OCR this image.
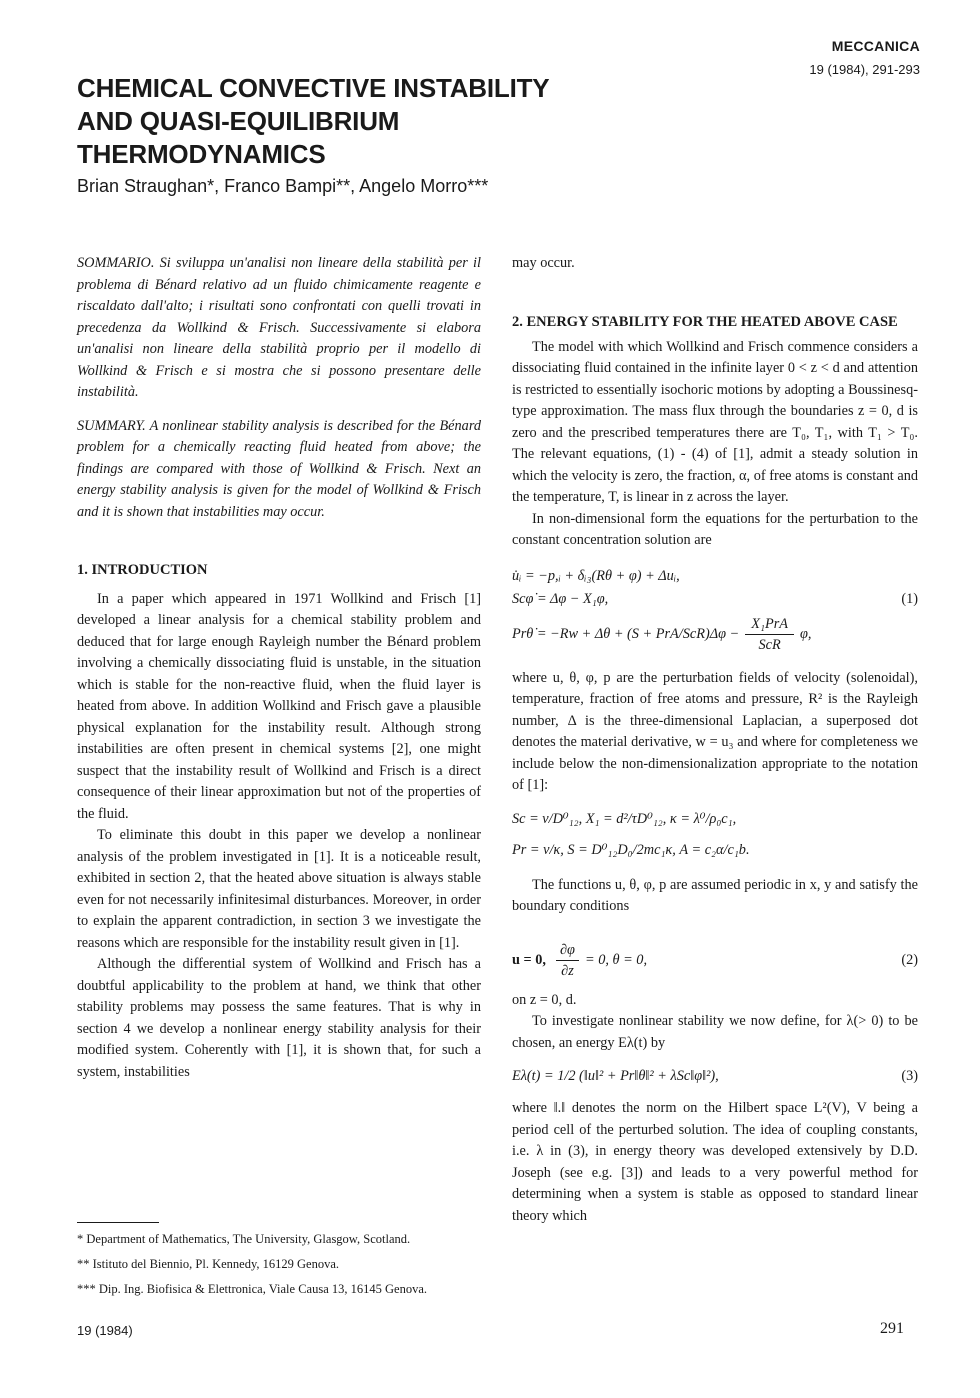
MECCANICA
19 (1984), 291-293
CHEMICAL CONVECTIVE INSTABILITY
AND QUASI-EQUILIBRIUM
THERMODYNAMICS
Brian Straughan*, Franco Bampi**, Angelo Morro***

SOMMARIO. Si sviluppa un'analisi non lineare della stabilità per il problema di Bénard relativo ad un fluido chimicamente reagente e riscaldato dall'alto; i risultati sono confrontati con quelli trovati in precedenza da Wollkind & Frisch. Successivamente si elabora un'analisi non lineare della stabilità proprio per il modello di Wollkind & Frisch e si mostra che si possono presentare delle instabilità.

SUMMARY. A nonlinear stability analysis is described for the Bénard problem for a chemically reacting fluid heated from above; the findings are compared with those of Wollkind & Frisch. Next an energy stability analysis is given for the model of Wollkind & Frisch and it is shown that instabilities may occur.

1. INTRODUCTION

In a paper which appeared in 1971 Wollkind and Frisch [1] developed a linear analysis for a chemical stability problem and deduced that for large enough Rayleigh number the Bénard problem involving a chemically dissociating fluid is unstable, in the situation which is stable for the non-reactive fluid, when the fluid layer is heated from above. In addition Wollkind and Frisch gave a plausible physical explanation for the instability result. Although strong instabilities are often present in chemical systems [2], one might suspect that the instability result of Wollkind and Frisch is a direct consequence of their linear approximation but not of the properties of the fluid.

To eliminate this doubt in this paper we develop a nonlinear analysis of the problem investigated in [1]. It is a noticeable result, exhibited in section 2, that the heated above situation is always stable even for not necessarily infinitesimal disturbances. Moreover, in order to explain the apparent contradiction, in section 3 we investigate the reasons which are responsible for the instability result given in [1].

Although the differential system of Wollkind and Frisch has a doubtful applicability to the problem at hand, we think that other stability problems may possess the same features. That is why in section 4 we develop a nonlinear energy stability analysis for their modified system. Coherently with [1], it is shown that, for such a system, instabilities

may occur.

2. ENERGY STABILITY FOR THE HEATED ABOVE CASE

The model with which Wollkind and Frisch commence considers a dissociating fluid contained in the infinite layer 0 < z < d and attention is restricted to essentially isochoric motions by adopting a Boussinesq-type approximation. The mass flux through the boundaries z = 0, d is zero and the prescribed temperatures there are T₀, T₁, with T₁ > T₀. The relevant equations, (1) - (4) of [1], admit a steady solution in which the velocity is zero, the fraction, α, of free atoms is constant and the temperature, T, is linear in z across the layer.

In non-dimensional form the equations for the perturbation to the constant concentration solution are

u̇ᵢ = −p,ᵢ + δᵢ₃(Rθ + φ) + Δuᵢ,
Scφ̇ = Δφ − X₁φ,	(1)
Prθ̇ = −Rw + Δθ + (S + PrA/ScR)Δφ −
X₁PrA
ScR
φ,

where u, θ, φ, p are the perturbation fields of velocity (solenoidal), temperature, fraction of free atoms and pressure, R² is the Rayleigh number, Δ is the three-dimensional Laplacian, a superposed dot denotes the material derivative, w = u₃ and where for completeness we include below the non-dimensionalization appropriate to the notation of [1]:

Sc = ν/D⁰₁₂, X₁ = d²/τD⁰₁₂, κ = λ⁰/ρ₀c₁,
Pr = ν/κ, S = D⁰₁₂D₀/2mc₁κ, A = c₂α/c₁b.

The functions u, θ, φ, p are assumed periodic in x, y and satisfy the boundary conditions

u = 0, $\frac{\partial\varphi}{\partial z} = 0$, θ = 0,	(2)

on z = 0, d.

To investigate nonlinear stability we now define, for λ(> 0) to be chosen, an energy Eλ(t) by

Eλ(t) = 1/2 (‖u‖² + Pr‖θ‖² + λSc‖φ‖²),	(3)

where ‖.‖ denotes the norm on the Hilbert space L²(V), V being a period cell of the perturbed solution. The idea of coupling constants, i.e. λ in (3), in energy theory was developed extensively by D.D. Joseph (see e.g. [3]) and leads to a very powerful method for determining when a system is stable as opposed to standard linear theory which

* Department of Mathematics, The University, Glasgow, Scotland.
** Istituto del Biennio, Pl. Kennedy, 16129 Genova.
*** Dip. Ing. Biofisica & Elettronica, Viale Causa 13, 16145 Genova.
19 (1984)	291
